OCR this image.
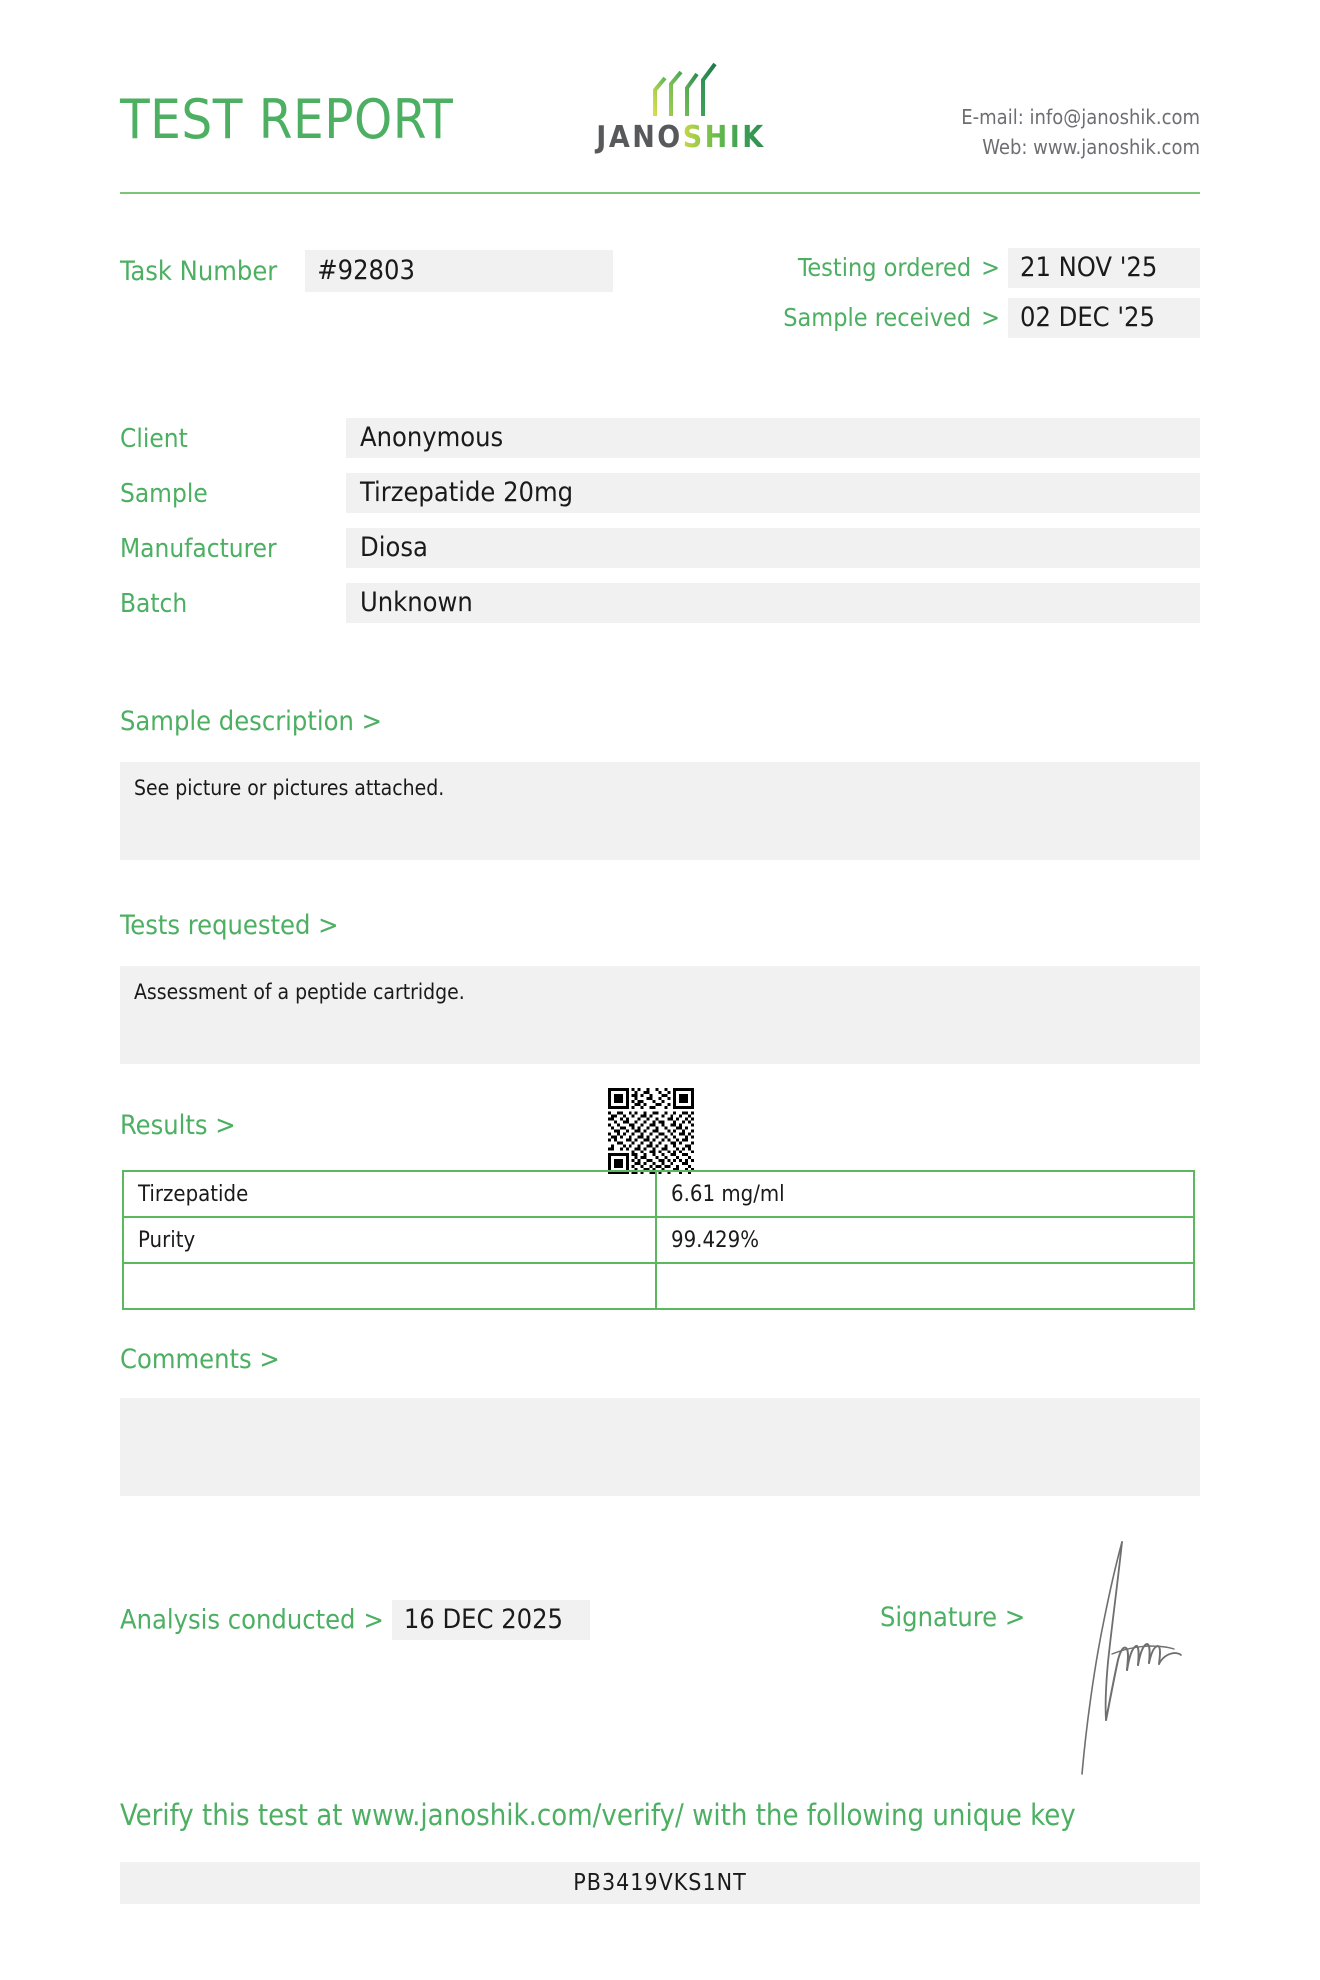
TEST REPORT	JANOSHIK
E-mail: info@janoshik.com
Web: www.janoshik.com
Task Number #92803	Testing ordered > 21 NOV '25
Sample received > 02 DEC '25
Client	Anonymous
Sample	Tirzepatide 20mg
Manufacturer	Diosa
Batch	Unknown
Sample description >
See picture or pictures attached.
Tests requested >
Assessment of a peptide cartridge.
Results >
Tirzepatide	6.61 mg/ml
Purity	99.429%

Comments >
Analysis conducted > 16 DEC 2025	Signature >
Verify this test at www.janoshik.com/verify/ with the following unique key
PB3419VKS1NT
